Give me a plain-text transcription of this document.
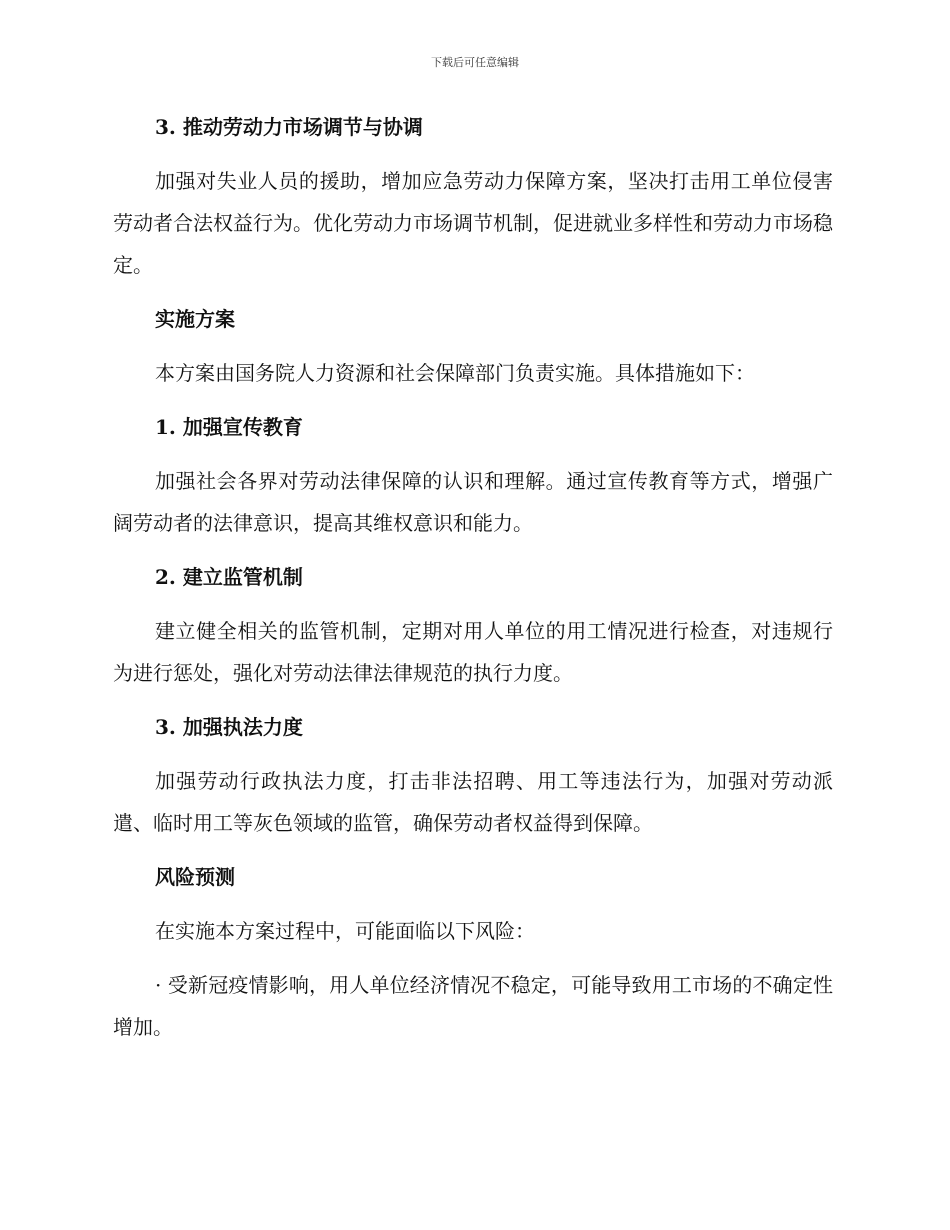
下载后可任意编辑
3. 推动劳动力市场调节与协调
加强对失业人员的援助，增加应急劳动力保障方案，坚决打击用工单位侵害劳动者合法权益行为。优化劳动力市场调节机制，促进就业多样性和劳动力市场稳定。
实施方案
本方案由国务院人力资源和社会保障部门负责实施。具体措施如下：
1. 加强宣传教育
加强社会各界对劳动法律保障的认识和理解。通过宣传教育等方式，增强广阔劳动者的法律意识，提高其维权意识和能力。
2. 建立监管机制
建立健全相关的监管机制，定期对用人单位的用工情况进行检查，对违规行为进行惩处，强化对劳动法律法律规范的执行力度。
3. 加强执法力度
加强劳动行政执法力度，打击非法招聘、用工等违法行为，加强对劳动派遣、临时用工等灰色领域的监管，确保劳动者权益得到保障。
风险预测
在实施本方案过程中，可能面临以下风险：
· 受新冠疫情影响，用人单位经济情况不稳定，可能导致用工市场的不确定性增加。
